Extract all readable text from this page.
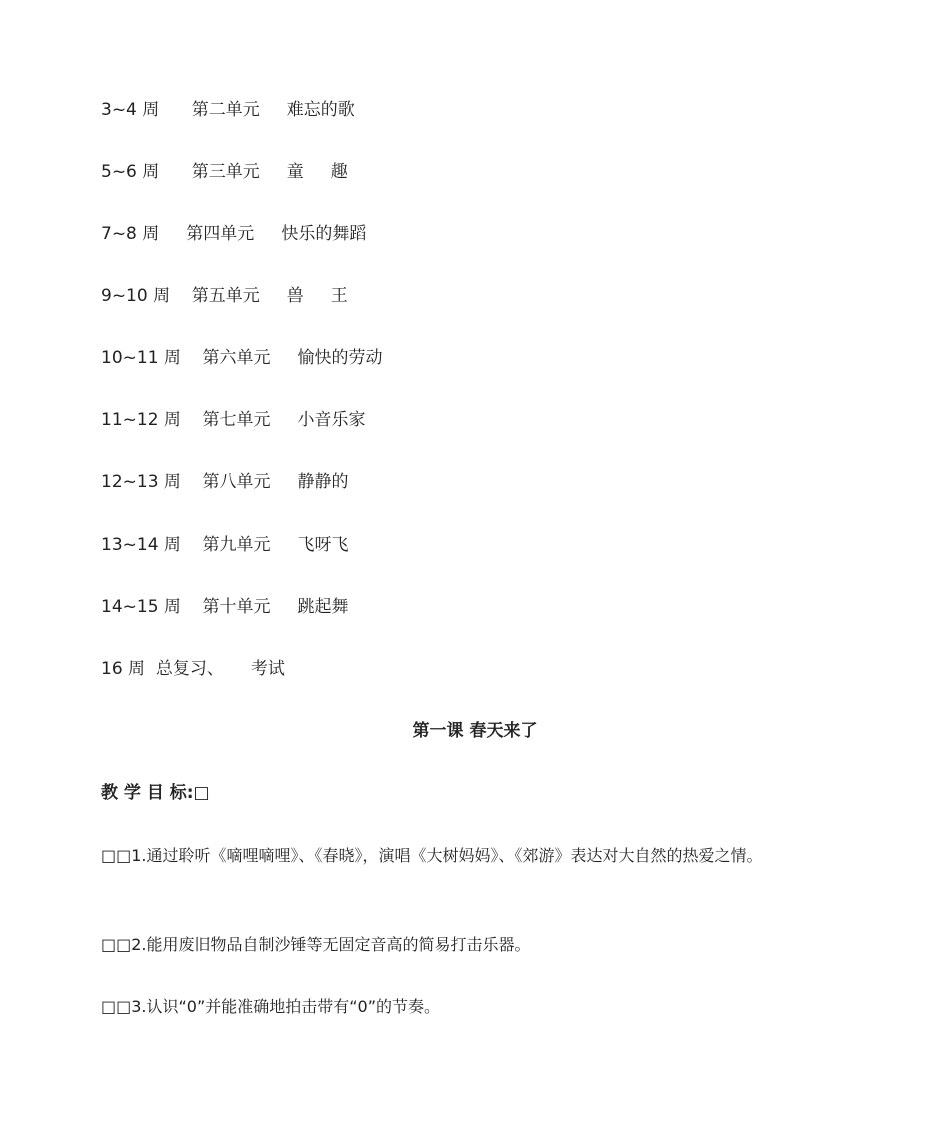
3~4 周      第二单元     难忘的歌

5~6 周      第三单元     童     趣

7~8 周     第四单元     快乐的舞蹈

9~10 周    第五单元     兽     王

10~11 周    第六单元     愉快的劳动

11~12 周    第七单元     小音乐家

12~13 周    第八单元     静静的

13~14 周    第九单元     飞呀飞

14~15 周    第十单元     跳起舞

16 周  总复习、     考试

第一课 春天来了
教 学 目 标:□

□□1.通过聆听《嘀哩嘀哩》、《春晓》，演唱《大树妈妈》、《郊游》表达对大自然的热爱之情。

□□2.能用废旧物品自制沙锤等无固定音高的简易打击乐器。

□□3.认识“0”并能准确地拍击带有“0”的节奏。
